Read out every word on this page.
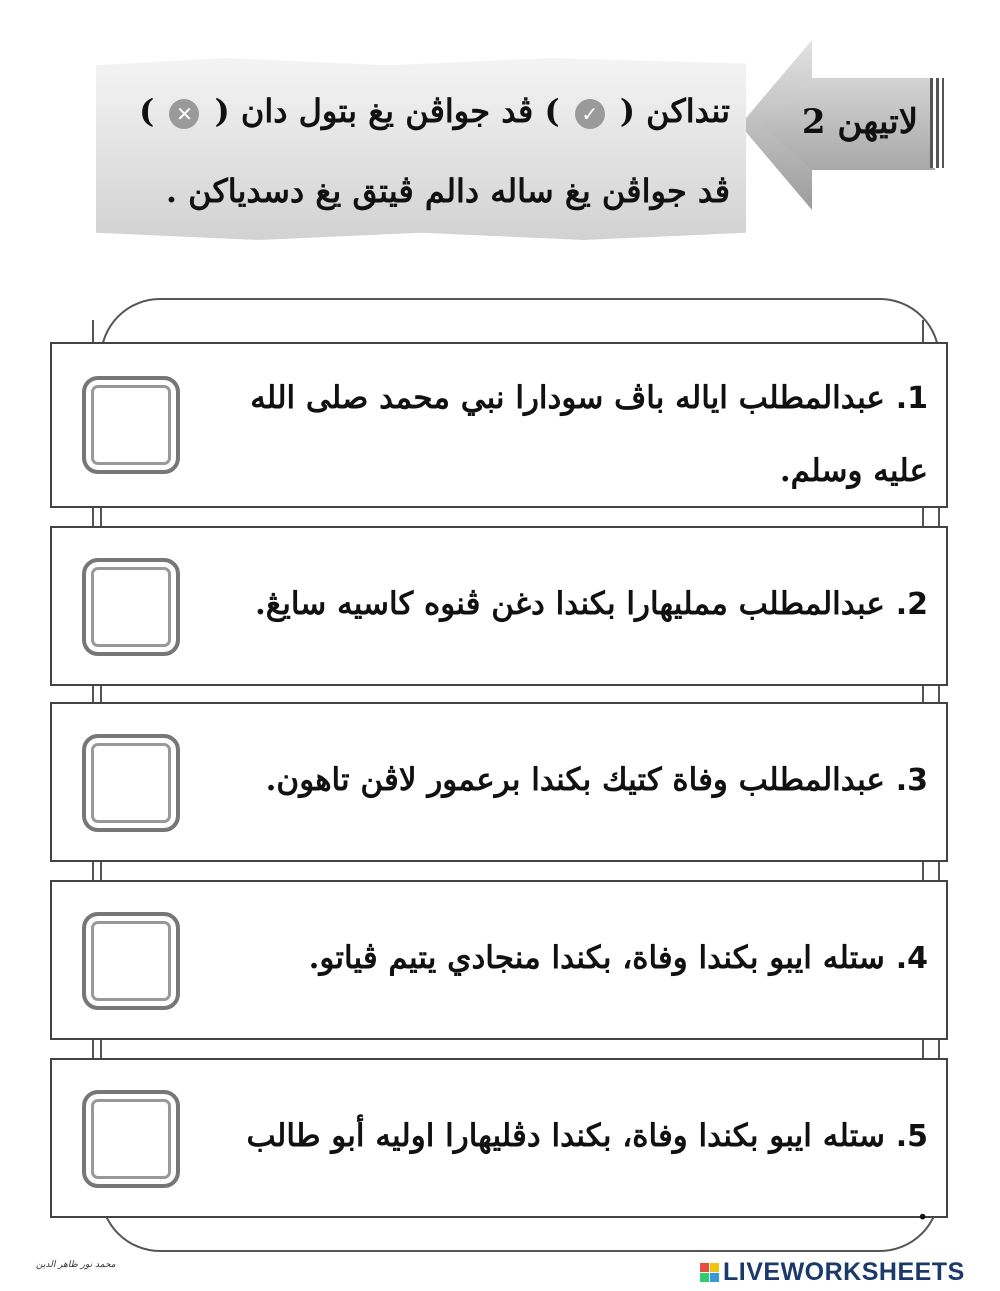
لاتيهن 2
تنداكن ( ✓ ) ڤد جواڤن يغ بتول دان ( ✕ )
ڤد جواڤن يغ ساله دالم ڤيتق يغ دسدياكن .
1. عبدالمطلب اياله باڤ سودارا نبي محمد صلى الله عليه وسلم.
2. عبدالمطلب ممليهارا بكندا دغن ڤنوه كاسيه سايڠ.
3. عبدالمطلب وفاة كتيك بكندا برعمور لاڤن تاهون.
4. ستله ايبو بكندا وفاة، بكندا منجادي يتيم ڤياتو.
5. ستله ايبو بكندا وفاة، بكندا دڤليهارا اوليه أبو طالب .
محمد نور ظاهر الدين	LIVEWORKSHEETS
